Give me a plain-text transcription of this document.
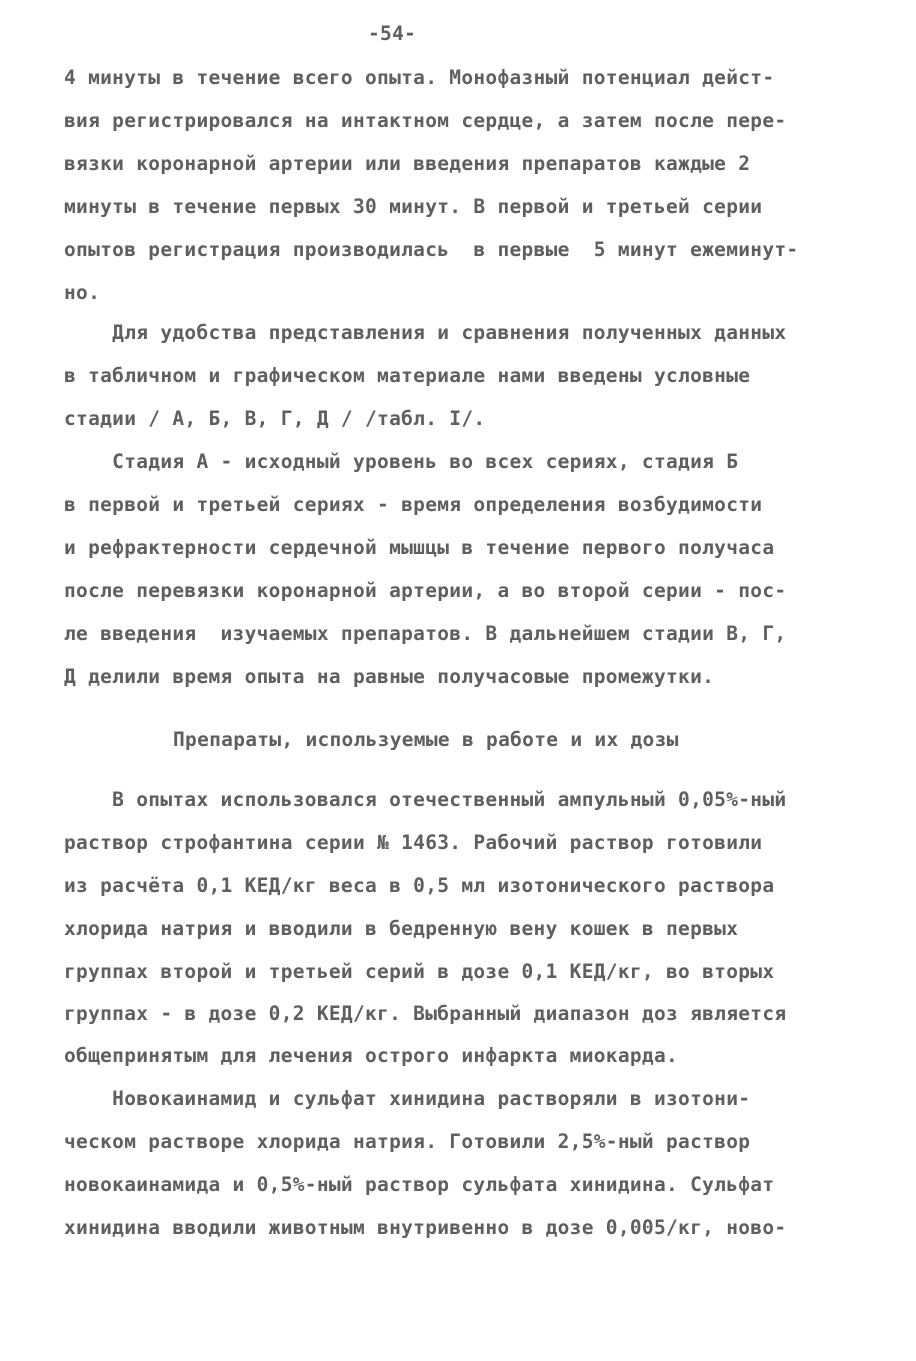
-54-
4 минуты в течение всего опыта. Монофазный потенциал дейст-
вия регистрировался на интактном сердце, а затем после пере-
вязки коронарной артерии или введения препаратов каждые 2
минуты в течение первых 30 минут. В первой и третьей серии
опытов регистрация производилась  в первые  5 минут ежеминут-
но.
Для удобства представления и сравнения полученных данных
в табличном и графическом материале нами введены условные
стадии / А, Б, В, Г, Д / /табл. I/.
Стадия А - исходный уровень во всех сериях, стадия Б
в первой и третьей сериях - время определения возбудимости
и рефрактерности сердечной мышцы в течение первого получаса
после перевязки коронарной артерии, а во второй серии - пос-
ле введения  изучаемых препаратов. В дальнейшем стадии В, Г,
Д делили время опыта на равные получасовые промежутки.
Препараты, используемые в работе и их дозы
В опытах использовался отечественный ампульный 0,05%-ный
раствор строфантина серии № 1463. Рабочий раствор готовили
из расчёта 0,1 КЕД/кг веса в 0,5 мл изотонического раствора
хлорида натрия и вводили в бедренную вену кошек в первых
группах второй и третьей серий в дозе 0,1 КЕД/кг, во вторых
группах - в дозе 0,2 КЕД/кг. Выбранный диапазон доз является
общепринятым для лечения острого инфаркта миокарда.
Новокаинамид и сульфат хинидина растворяли в изотони-
ческом растворе хлорида натрия. Готовили 2,5%-ный раствор
новокаинамида и 0,5%-ный раствор сульфата хинидина. Сульфат
хинидина вводили животным внутривенно в дозе 0,005/кг, ново-
